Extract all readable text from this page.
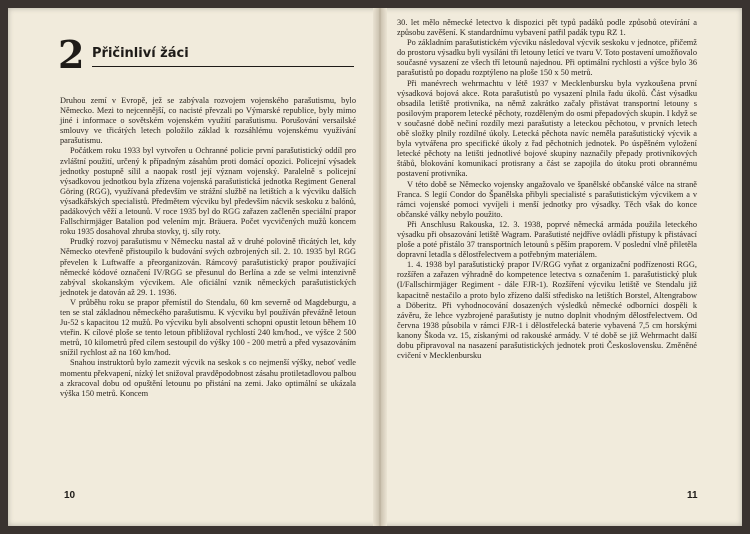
2 Přičinliví žáci

Druhou zemí v Evropě, jež se zabývala rozvojem vojenského parašutismu, bylo Německo. Mezi to nejcennější, co nacisté převzali po Výmarské republice, byly mimo jiné i informace o sovětském vojenském využití parašutismu. Porušování versailské smlouvy ve třicátých letech položilo základ k rozsáhlému vojenskému využívání parašutismu.

Počátkem roku 1933 byl vytvořen u Ochranné policie první parašutistický oddíl pro zvláštní použití, určený k případným zásahům proti domácí opozici. Policejní výsadek jednotky postupně sílil a naopak rostl její význam vojenský. Paralelně s policejní výsadkovou jednotkou byla zřízena vojenská parašutistická jednotka Regiment General Göring (RGG), využívaná především ve strážní službě na letištích a k výcviku dalších výsadkářských specialistů. Předmětem výcviku byl především nácvik seskoku z balónů, padákových věží a letounů. V roce 1935 byl do RGG zařazen začleněn speciální prapor Fallschirmjäger Batalion pod velením mjr. Bräuera. Počet vycvičených mužů koncem roku 1935 dosahoval zhruba stovky, tj. síly roty.

Prudký rozvoj parašutismu v Německu nastal až v druhé polovině třicátých let, kdy Německo otevřeně přistoupilo k budování svých ozbrojených sil. 2. 10. 1935 byl RGG převelen k Luftwaffe a přeorganizován. Rámcový parašutistický prapor používající německé kódové označení IV/RGG se přesunul do Berlína a zde se velmi intenzivně zabýval skokanským výcvikem. Ale oficiální vznik německých parašutistických jednotek je datován až 29. 1. 1936.

V průběhu roku se prapor přemístil do Stendalu, 60 km severně od Magdeburgu, a ten se stal základnou německého parašutismu. K výcviku byl používán převážně letoun Ju-52 s kapacitou 12 mužů. Po výcviku byli absolventi schopni opustit letoun během 10 vteřin. K cílové ploše se tento letoun přibližoval rychlostí 240 km/hod., ve výšce 2 500 metrů, 10 kilometrů před cílem sestoupil do výšky 100 - 200 metrů a před vysazováním snížil rychlost až na 160 km/hod.

Snahou instruktorů bylo zamezit výcvik na seskok s co nejmenší výšky, neboť vedle momentu překvapení, nízký let snižoval pravděpodobnost zásahu protiletadlovou palbou a zkracoval dobu od opuštění letounu po přistání na zemi. Jako optimální se ukázala výška 150 metrů. Koncem

10

30. let mělo německé letectvo k dispozici pět typů padáků podle způsobů otevírání a způsobu zavěšení. K standardnímu vybavení patřil padák typu RZ 1.

Po základním parašutistickém výcviku následoval výcvik seskoku v jednotce, přičemž do prostoru výsadku byli vysíláni tři letouny letící ve tvaru V. Toto postavení umožňovalo současné vysazení ze všech tří letounů najednou. Při optimální rychlosti a výšce bylo 36 parašutistů po dopadu rozptýleno na ploše 150 x 50 metrů.

Při manévrech wehrmachtu v létě 1937 v Mecklenbursku byla vyzkoušena první výsadková bojová akce. Rota parašutistů po vysazení plnila řadu úkolů. Část výsadku obsadila letiště protivníka, na němž zakrátko začaly přistávat transportní letouny s posilovým praporem letecké pěchoty, rozděleným do osmi přepadových skupin. I když se v současné době nečiní rozdíly mezi parašutisty a leteckou pěchotou, v prvních letech obě složky plnily rozdílné úkoly. Letecká pěchota navíc neměla parašutistický výcvik a byla vytvářena pro specifické úkoly z řad pěchotních jednotek. Po úspěšném vyložení letecké pěchoty na letišti jednotlivé bojové skupiny naznačily přepady protivníkových štábů, blokování komunikací protisrany a část se zapojila do útoku proti obrannému postavení protivníka.

V této době se Německo vojensky angažovalo ve španělské občanské válce na straně Franca. S legií Condor do Španělska přibyli specialisté s parašutistickým výcvikem a v rámci vojenské pomoci vyvíjeli i menší jednotky pro výsadky. Těch však do konce občanské války nebylo použito.

Při Anschlusu Rakouska, 12. 3. 1938, poprvé německá armáda použila leteckého výsadku při obsazování letiště Wagram. Parašutisté nejdříve ovládli přístupy k přistávací ploše a poté přistálo 37 transportních letounů s pěším praporem. V poslední vlně přiletěla dopravní letadla s dělostřelectvem a potřebným materiálem.

1. 4. 1938 byl parašutistický prapor IV/RGG vyňat z organizační podřízenosti RGG, rozšířen a zařazen výhradně do kompetence letectva s označením 1. parašutistický pluk (I/Fallschirmjäger Regiment - dále FJR-1). Rozšíření výcviku letiště ve Stendalu již kapacitně nestačilo a proto bylo zřízeno další středisko na letištích Borstel, Altengrabow a Döberitz. Při vyhodnocování dosazených výsledků německé odborníci dospěli k závěru, že lehce vyzbrojené parašutisty je nutno doplnit vhodným dělostřelectvem. Od června 1938 působila v rámci FJR-1 i dělostřelecká baterie vybavená 7,5 cm horskými kanony Škoda vz. 15, získanými od rakouské armády. V té době se již Wehrmacht další dobu připravoval na nasazení parašutistických jednotek proti Československu. Změněné cvičení v Mecklenbursku

11
